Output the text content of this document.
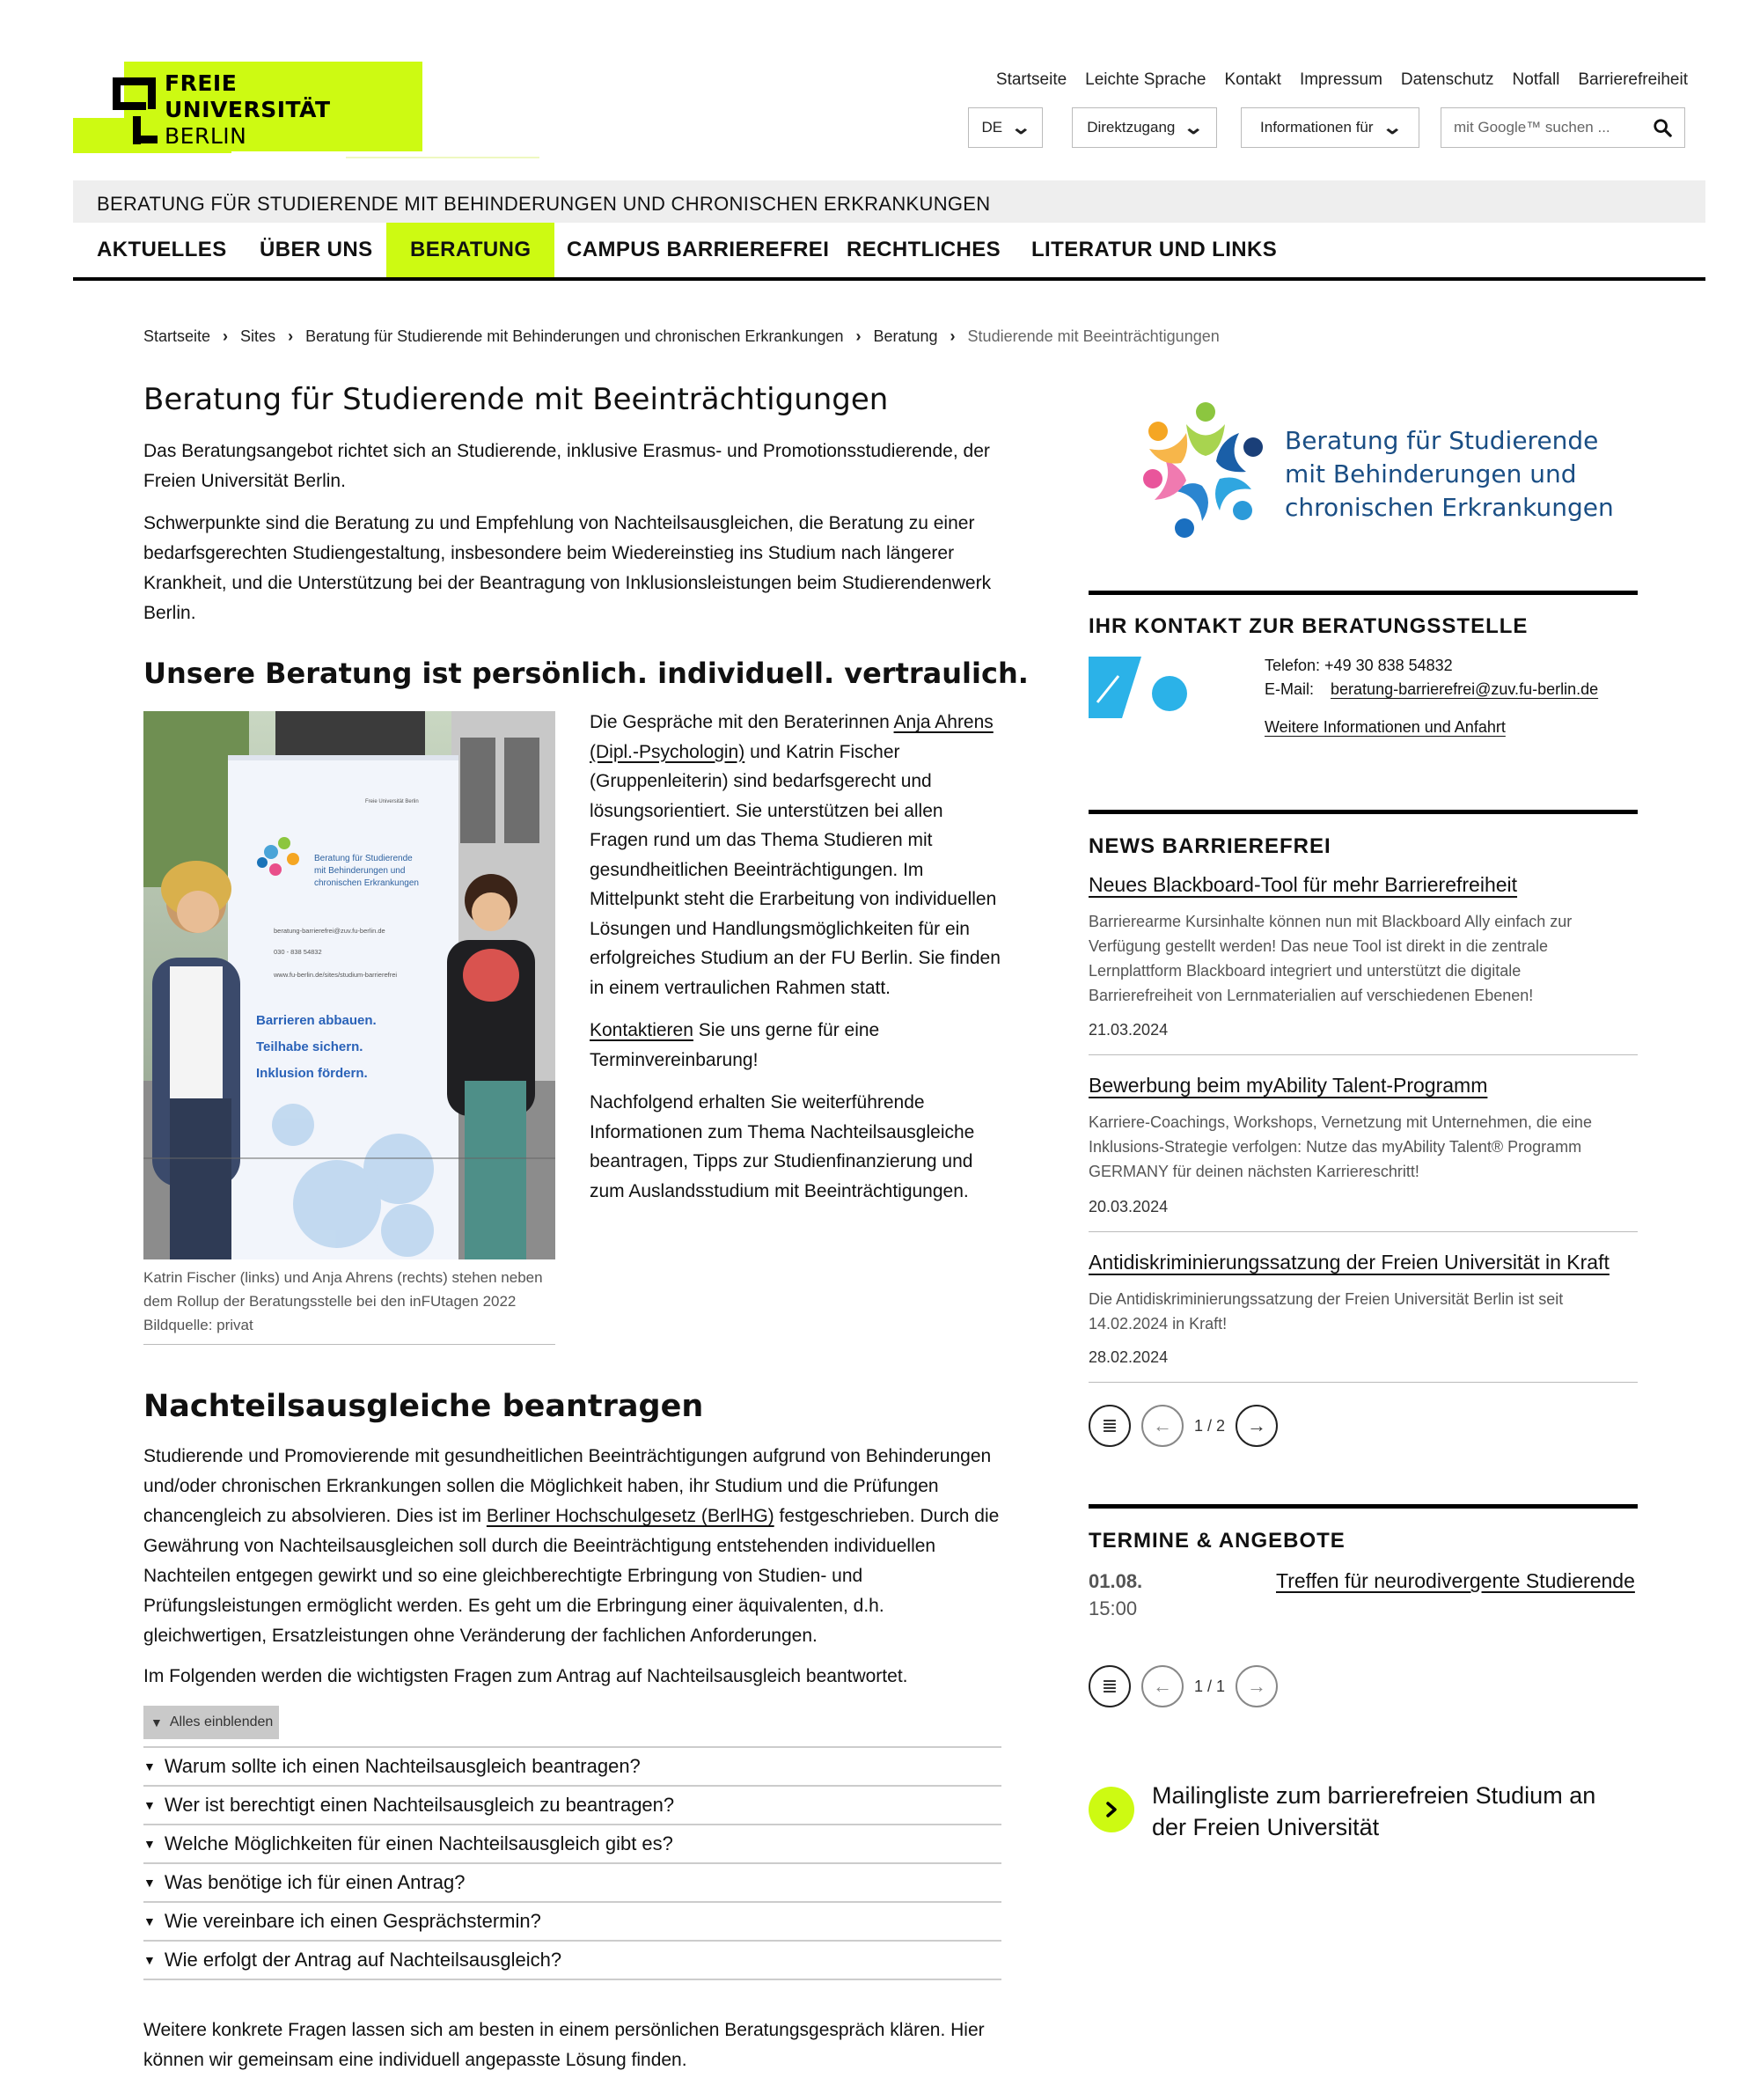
FREIE
UNIVERSITÄT
BERLIN
Startseite Leichte Sprache Kontakt Impressum Datenschutz Notfall Barrierefreiheit
DE ⌄	Direktzugang ⌄	Informationen für ⌄	mit Google™ suchen ...
BERATUNG FÜR STUDIERENDE MIT BEHINDERUNGEN UND CHRONISCHEN ERKRANKUNGEN
AKTUELLES	ÜBER UNS	BERATUNG	CAMPUS BARRIEREFREI RECHTLICHES	LITERATUR UND LINKS
Startseite › Sites › Beratung für Studierende mit Behinderungen und chronischen Erkrankungen › Beratung › Studierende mit Beeinträchtigungen
Beratung für Studierende mit Beeinträchtigungen

Das Beratungsangebot richtet sich an Studierende, inklusive Erasmus- und Promotionsstudierende, der Freien Universität Berlin.

Schwerpunkte sind die Beratung zu und Empfehlung von Nachteilsausgleichen, die Beratung zu einer bedarfsgerechten Studiengestaltung, insbesondere beim Wiedereinstieg ins Studium nach längerer Krankheit, und die Unterstützung bei der Beantragung von Inklusionsleistungen beim Studierendenwerk Berlin.

Unsere Beratung ist persönlich. individuell. vertraulich.
Beratung für Studierende
mit Behinderungen und
chronischen Erkrankungen
Freie Universität Berlin
beratung-barrierefrei@zuv.fu-berlin.de
030 - 838 54832
www.fu-berlin.de/sites/studium-barrierefrei
Barrieren abbauen.
Teilhabe sichern.
Inklusion fördern.
Katrin Fischer (links) und Anja Ahrens (rechts) stehen neben dem Rollup der Beratungsstelle bei den inFUtagen 2022 Bildquelle: privat

Die Gespräche mit den Beraterinnen Anja Ahrens (Dipl.-Psychologin) und Katrin Fischer (Gruppenleiterin) sind bedarfsgerecht und lösungsorientiert. Sie unterstützen bei allen Fragen rund um das Thema Studieren mit gesundheitlichen Beeinträchtigungen. Im Mittelpunkt steht die Erarbeitung von individuellen Lösungen und Handlungsmöglichkeiten für ein erfolgreiches Studium an der FU Berlin. Sie finden in einem vertraulichen Rahmen statt.

Kontaktieren Sie uns gerne für eine Terminvereinbarung!

Nachfolgend erhalten Sie weiterführende Informationen zum Thema Nachteilsausgleiche beantragen, Tipps zur Studienfinanzierung und zum Auslandsstudium mit Beeinträchtigungen.

Nachteilsausgleiche beantragen

Studierende und Promovierende mit gesundheitlichen Beeinträchtigungen aufgrund von Behinderungen und/oder chronischen Erkrankungen sollen die Möglichkeit haben, ihr Studium und die Prüfungen chancengleich zu absolvieren. Dies ist im Berliner Hochschulgesetz (BerlHG) festgeschrieben. Durch die Gewährung von Nachteilsausgleichen soll durch die Beeinträchtigung entstehenden individuellen Nachteilen entgegen gewirkt und so eine gleichberechtigte Erbringung von Studien- und Prüfungsleistungen ermöglicht werden. Es geht um die Erbringung einer äquivalenten, d.h. gleichwertigen, Ersatzleistungen ohne Veränderung der fachlichen Anforderungen.

Im Folgenden werden die wichtigsten Fragen zum Antrag auf Nachteilsausgleich beantwortet.

▼ Alles einblenden
▼ Warum sollte ich einen Nachteilsausgleich beantragen?
▼ Wer ist berechtigt einen Nachteilsausgleich zu beantragen?
▼ Welche Möglichkeiten für einen Nachteilsausgleich gibt es?
▼ Was benötige ich für einen Antrag?
▼ Wie vereinbare ich einen Gesprächstermin?
▼ Wie erfolgt der Antrag auf Nachteilsausgleich?

Weitere konkrete Fragen lassen sich am besten in einem persönlichen Beratungsgespräch klären. Hier können wir gemeinsam eine individuell angepasste Lösung finden.

Beratung für Studierende
mit Behinderungen und
chronischen Erkrankungen
IHR KONTAKT ZUR BERATUNGSSTELLE
Telefon: +49 30 838 54832
E-Mail: beratung-barrierefrei@zuv.fu-berlin.de
Weitere Informationen und Anfahrt
NEWS BARRIEREFREI
Neues Blackboard-Tool für mehr Barrierefreiheit
Barrierearme Kursinhalte können nun mit Blackboard Ally einfach zur Verfügung gestellt werden! Das neue Tool ist direkt in die zentrale Lernplattform Blackboard integriert und unterstützt die digitale Barrierefreiheit von Lernmaterialien auf verschiedenen Ebenen!
21.03.2024
Bewerbung beim myAbility Talent-Programm
Karriere-Coachings, Workshops, Vernetzung mit Unternehmen, die eine Inklusions-Strategie verfolgen: Nutze das myAbility Talent® Programm GERMANY für deinen nächsten Karriereschritt!
20.03.2024
Antidiskriminierungssatzung der Freien Universität in Kraft
Die Antidiskriminierungssatzung der Freien Universität Berlin ist seit 14.02.2024 in Kraft!
28.02.2024
≣	←	1 / 2	→
TERMINE & ANGEBOTE
01.08.
15:00
Treffen für neurodivergente Studierende
≣	←	1 / 1	→
Mailingliste zum barrierefreien Studium an der Freien Universität
